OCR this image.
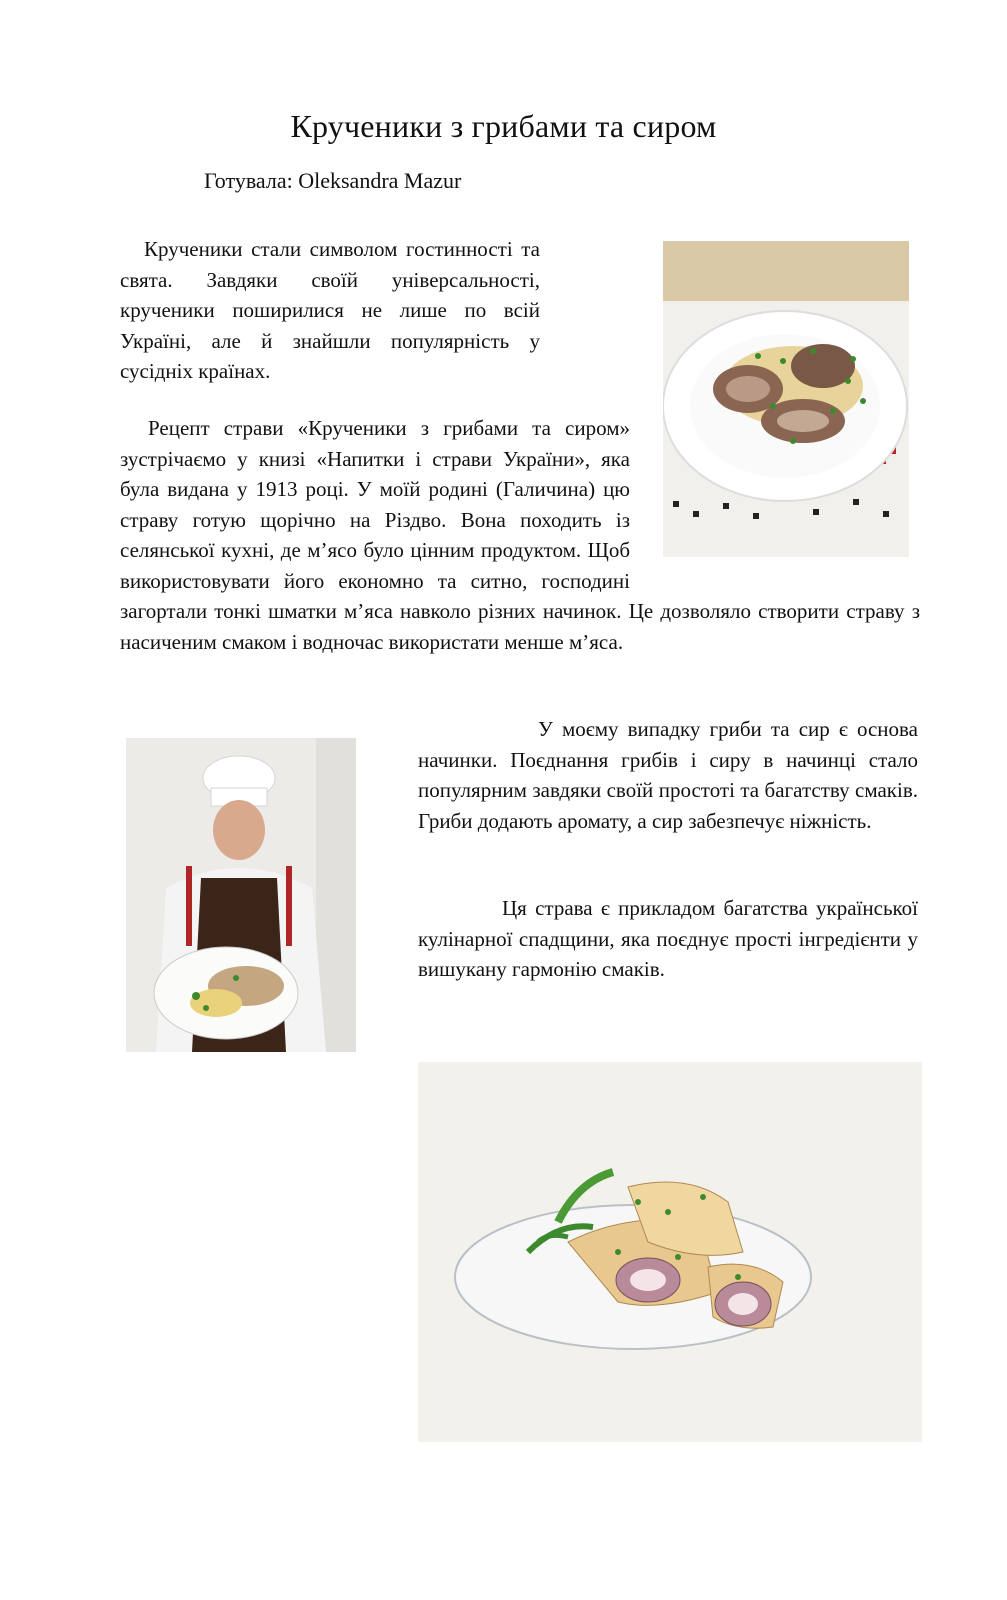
Крученики з грибами та сиром
Готувала: Oleksandra Mazur

Крученики стали символом гостинності та свята. Завдяки своїй універсальності, крученики поширилися не лише по всій Україні, але й знайшли популярність у сусідніх країнах.

Рецепт страви «Крученики з грибами та сиром» зустрічаємо у книзі «Напитки і страви України», яка була видана у 1913 році. У моїй родині (Галичина) цю страву готую щорічно на Різдво. Вона походить із селянської кухні, де м’ясо було цінним продуктом. Щоб використовувати його економно та ситно, господині загортали тонкі шматки м’яса навколо різних начинок. Це дозволяло створити страву з насиченим смаком і водночас використати менше м’яса.

У моєму випадку гриби та сир є основа начинки. Поєднання грибів і сиру в начинці стало популярним завдяки своїй простоті та багатству смаків. Гриби додають аромату, а сир забезпечує ніжність.

Ця страва є прикладом багатства української кулінарної спадщини, яка поєднує прості інгредієнти у вишукану гармонію смаків.
